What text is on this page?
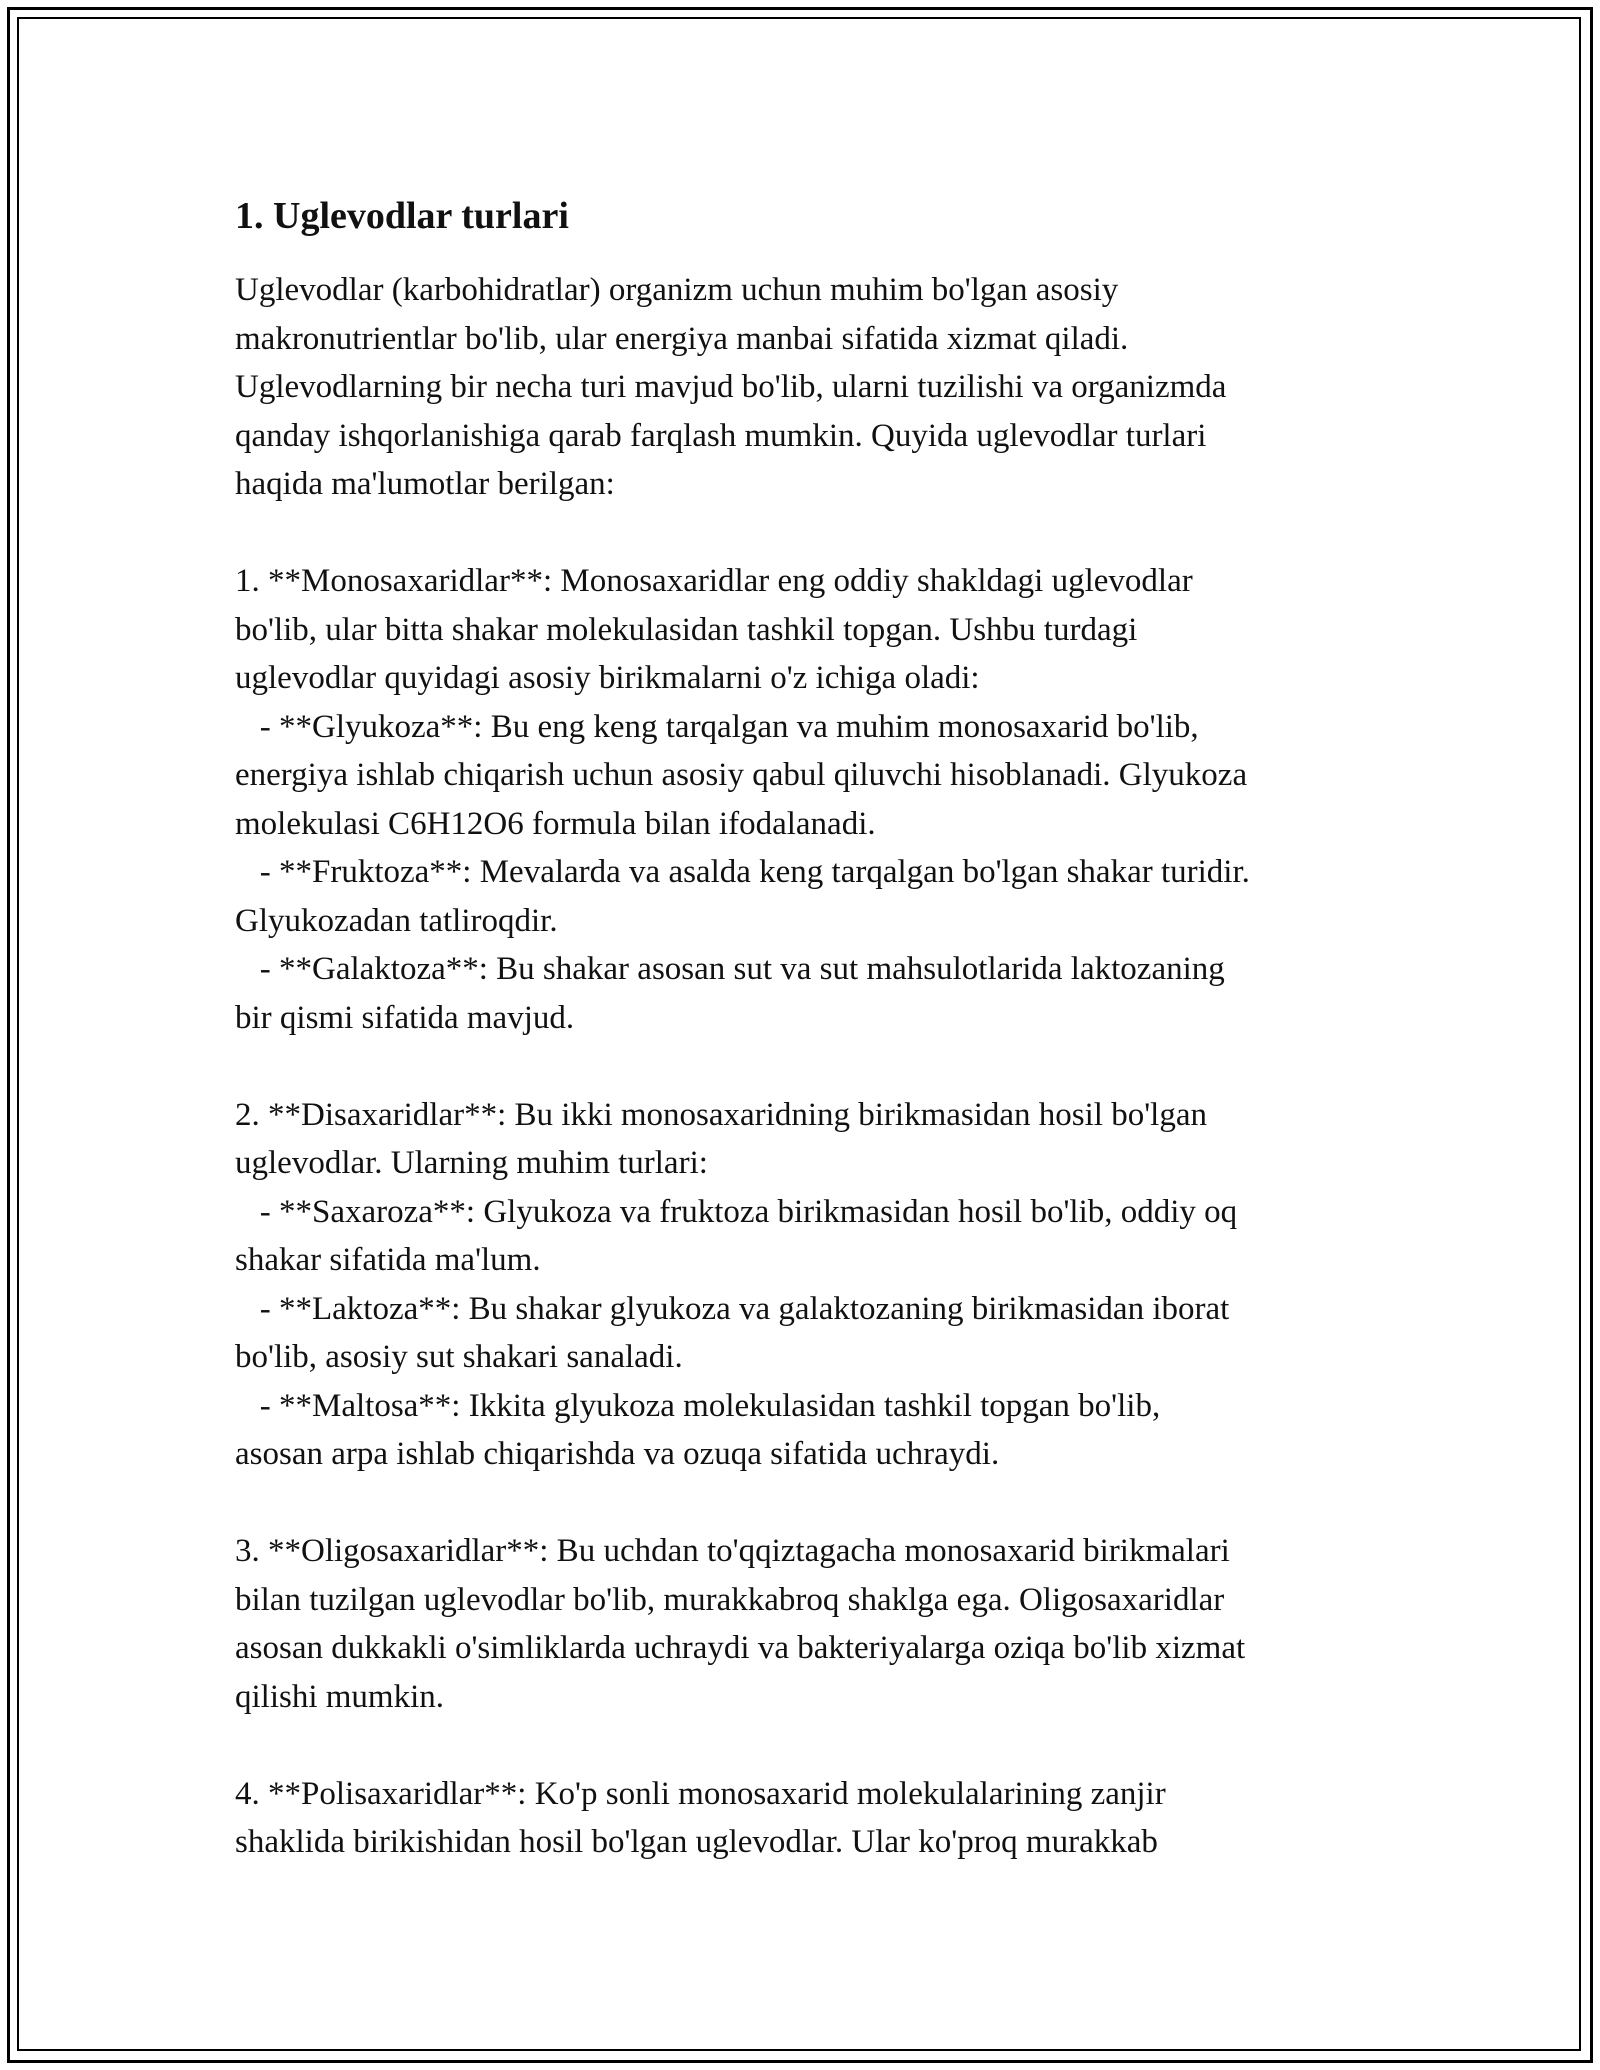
1. Uglevodlar turlari

Uglevodlar (karbohidratlar) organizm uchun muhim bo'lgan asosiy
makronutrientlar bo'lib, ular energiya manbai sifatida xizmat qiladi.
Uglevodlarning bir necha turi mavjud bo'lib, ularni tuzilishi va organizmda
qanday ishqorlanishiga qarab farqlash mumkin. Quyida uglevodlar turlari
haqida ma'lumotlar berilgan:

1. **Monosaxaridlar**: Monosaxaridlar eng oddiy shakldagi uglevodlar
bo'lib, ular bitta shakar molekulasidan tashkil topgan. Ushbu turdagi
uglevodlar quyidagi asosiy birikmalarni o'z ichiga oladi:
- **Glyukoza**: Bu eng keng tarqalgan va muhim monosaxarid bo'lib,
energiya ishlab chiqarish uchun asosiy qabul qiluvchi hisoblanadi. Glyukoza
molekulasi C6H12O6 formula bilan ifodalanadi.
- **Fruktoza**: Mevalarda va asalda keng tarqalgan bo'lgan shakar turidir.
Glyukozadan tatliroqdir.
- **Galaktoza**: Bu shakar asosan sut va sut mahsulotlarida laktozaning
bir qismi sifatida mavjud.

2. **Disaxaridlar**: Bu ikki monosaxaridning birikmasidan hosil bo'lgan
uglevodlar. Ularning muhim turlari:
- **Saxaroza**: Glyukoza va fruktoza birikmasidan hosil bo'lib, oddiy oq
shakar sifatida ma'lum.
- **Laktoza**: Bu shakar glyukoza va galaktozaning birikmasidan iborat
bo'lib, asosiy sut shakari sanaladi.
- **Maltosa**: Ikkita glyukoza molekulasidan tashkil topgan bo'lib,
asosan arpa ishlab chiqarishda va ozuqa sifatida uchraydi.

3. **Oligosaxaridlar**: Bu uchdan to'qqiztagacha monosaxarid birikmalari
bilan tuzilgan uglevodlar bo'lib, murakkabroq shaklga ega. Oligosaxaridlar
asosan dukkakli o'simliklarda uchraydi va bakteriyalarga oziqa bo'lib xizmat
qilishi mumkin.

4. **Polisaxaridlar**: Ko'p sonli monosaxarid molekulalarining zanjir
shaklida birikishidan hosil bo'lgan uglevodlar. Ular ko'proq murakkab
